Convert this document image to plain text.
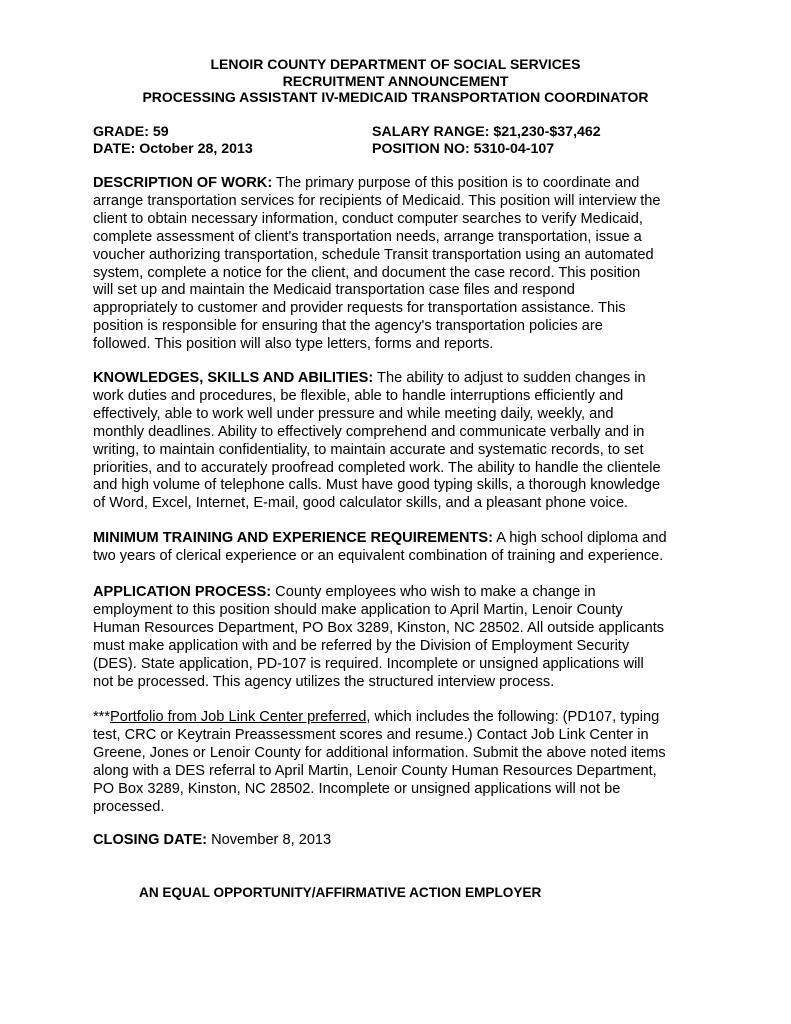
LENOIR COUNTY DEPARTMENT OF SOCIAL SERVICES
RECRUITMENT ANNOUNCEMENT
PROCESSING ASSISTANT IV-MEDICAID TRANSPORTATION COORDINATOR
GRADE: 59	SALARY RANGE: $21,230-$37,462
DATE: October 28, 2013	POSITION NO: 5310-04-107
DESCRIPTION OF WORK: The primary purpose of this position is to coordinate and
arrange transportation services for recipients of Medicaid. This position will interview the
client to obtain necessary information, conduct computer searches to verify Medicaid,
complete assessment of client's transportation needs, arrange transportation, issue a
voucher authorizing transportation, schedule Transit transportation using an automated
system, complete a notice for the client, and document the case record. This position
will set up and maintain the Medicaid transportation case files and respond
appropriately to customer and provider requests for transportation assistance. This
position is responsible for ensuring that the agency's transportation policies are
followed. This position will also type letters, forms and reports.
KNOWLEDGES, SKILLS AND ABILITIES: The ability to adjust to sudden changes in
work duties and procedures, be flexible, able to handle interruptions efficiently and
effectively, able to work well under pressure and while meeting daily, weekly, and
monthly deadlines. Ability to effectively comprehend and communicate verbally and in
writing, to maintain confidentiality, to maintain accurate and systematic records, to set
priorities, and to accurately proofread completed work. The ability to handle the clientele
and high volume of telephone calls. Must have good typing skills, a thorough knowledge
of Word, Excel, Internet, E-mail, good calculator skills, and a pleasant phone voice.
MINIMUM TRAINING AND EXPERIENCE REQUIREMENTS: A high school diploma and
two years of clerical experience or an equivalent combination of training and experience.
APPLICATION PROCESS: County employees who wish to make a change in
employment to this position should make application to April Martin, Lenoir County
Human Resources Department, PO Box 3289, Kinston, NC 28502. All outside applicants
must make application with and be referred by the Division of Employment Security
(DES). State application, PD-107 is required. Incomplete or unsigned applications will
not be processed. This agency utilizes the structured interview process.
***Portfolio from Job Link Center preferred, which includes the following: (PD107, typing
test, CRC or Keytrain Preassessment scores and resume.) Contact Job Link Center in
Greene, Jones or Lenoir County for additional information. Submit the above noted items
along with a DES referral to April Martin, Lenoir County Human Resources Department,
PO Box 3289, Kinston, NC 28502. Incomplete or unsigned applications will not be
processed.
CLOSING DATE: November 8, 2013
AN EQUAL OPPORTUNITY/AFFIRMATIVE ACTION EMPLOYER
